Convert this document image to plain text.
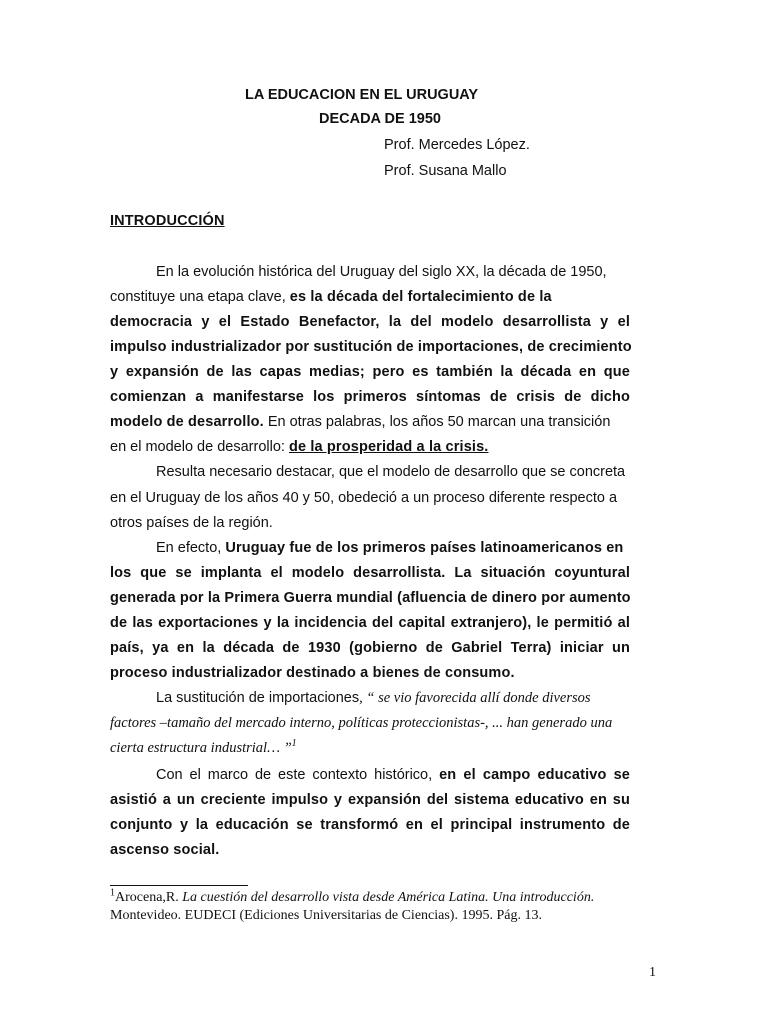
LA EDUCACION EN EL URUGUAY
DECADA DE 1950
Prof. Mercedes López.
Prof. Susana Mallo
INTRODUCCIÓN
En la evolución histórica del Uruguay del siglo XX, la década de 1950,
constituye una etapa clave, es la década del fortalecimiento de la
democracia y el Estado Benefactor, la del modelo desarrollista y el
impulso industrializador por sustitución de importaciones, de crecimiento
y expansión de las capas medias; pero es también la década en que
comienzan a manifestarse los primeros síntomas de crisis de dicho
modelo de desarrollo. En otras palabras, los años 50 marcan una transición
en el modelo de desarrollo: de la prosperidad a la crisis.
Resulta necesario destacar, que el modelo de desarrollo que se concreta
en el Uruguay de los años 40 y 50, obedeció a un proceso diferente respecto a
otros países de la región.
En efecto, Uruguay fue de los primeros países latinoamericanos en
los que se implanta el modelo desarrollista. La situación coyuntural
generada por la Primera Guerra mundial (afluencia de dinero por aumento
de las exportaciones y la incidencia del capital extranjero), le permitió al
país, ya en la década de 1930 (gobierno de Gabriel Terra) iniciar un
proceso industrializador destinado a bienes de consumo.
La sustitución de importaciones, “ se vio favorecida allí donde diversos
factores –tamaño del mercado interno, políticas proteccionistas-, ... han generado una
cierta estructura industrial… ”$^1$
Con el marco de este contexto histórico, en el campo educativo se
asistió a un creciente impulso y expansión del sistema educativo en su
conjunto y la educación se transformó en el principal instrumento de
ascenso social.
$^1$Arocena,R. La cuestión del desarrollo vista desde América Latina. Una introducción.
Montevideo. EUDECI (Ediciones Universitarias de Ciencias). 1995. Pág. 13.
1
